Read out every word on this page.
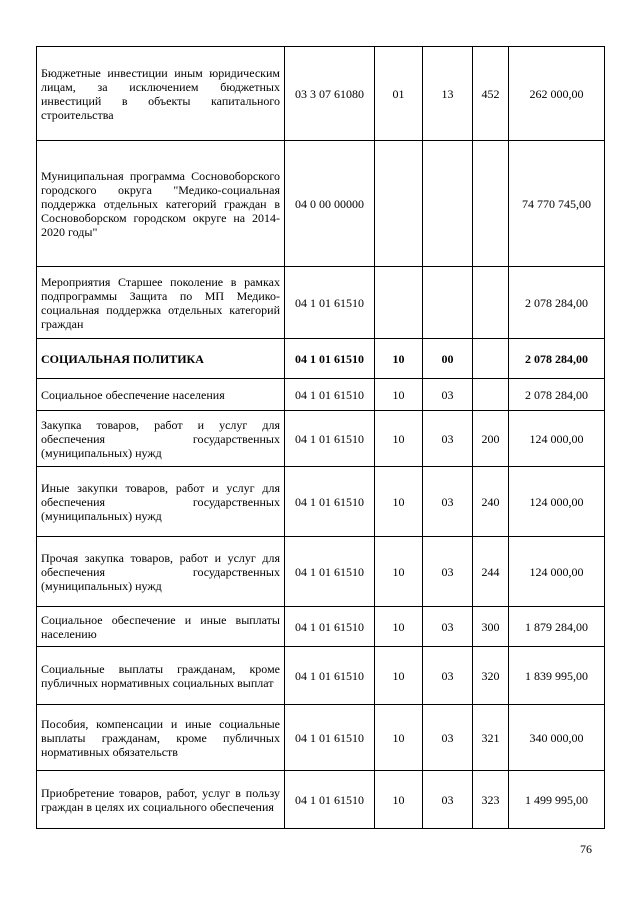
Бюджетные инвестиции иным юридическим лицам, за исключением бюджетных инвестиций в объекты капитального строительства	03 3 07 61080	01	13	452	262 000,00
Муниципальная программа Сосновоборского городского округа "Медико-социальная поддержка отдельных категорий граждан в Сосновоборском городском округе на 2014-2020 годы"	04 0 00 00000				74 770 745,00
Мероприятия Старшее поколение в рамках подпрограммы Защита по МП Медико-социальная поддержка отдельных категорий граждан	04 1 01 61510				2 078 284,00
СОЦИАЛЬНАЯ ПОЛИТИКА	04 1 01 61510	10	00		2 078 284,00
Социальное обеспечение населения	04 1 01 61510	10	03		2 078 284,00
Закупка товаров, работ и услуг для обеспечения государственных (муниципальных) нужд	04 1 01 61510	10	03	200	124 000,00
Иные закупки товаров, работ и услуг для обеспечения государственных (муниципальных) нужд	04 1 01 61510	10	03	240	124 000,00
Прочая закупка товаров, работ и услуг для обеспечения государственных (муниципальных) нужд	04 1 01 61510	10	03	244	124 000,00
Социальное обеспечение и иные выплаты населению	04 1 01 61510	10	03	300	1 879 284,00
Социальные выплаты гражданам, кроме публичных нормативных социальных выплат	04 1 01 61510	10	03	320	1 839 995,00
Пособия, компенсации и иные социальные выплаты гражданам, кроме публичных нормативных обязательств	04 1 01 61510	10	03	321	340 000,00
Приобретение товаров, работ, услуг в пользу граждан в целях их социального обеспечения	04 1 01 61510	10	03	323	1 499 995,00
76
